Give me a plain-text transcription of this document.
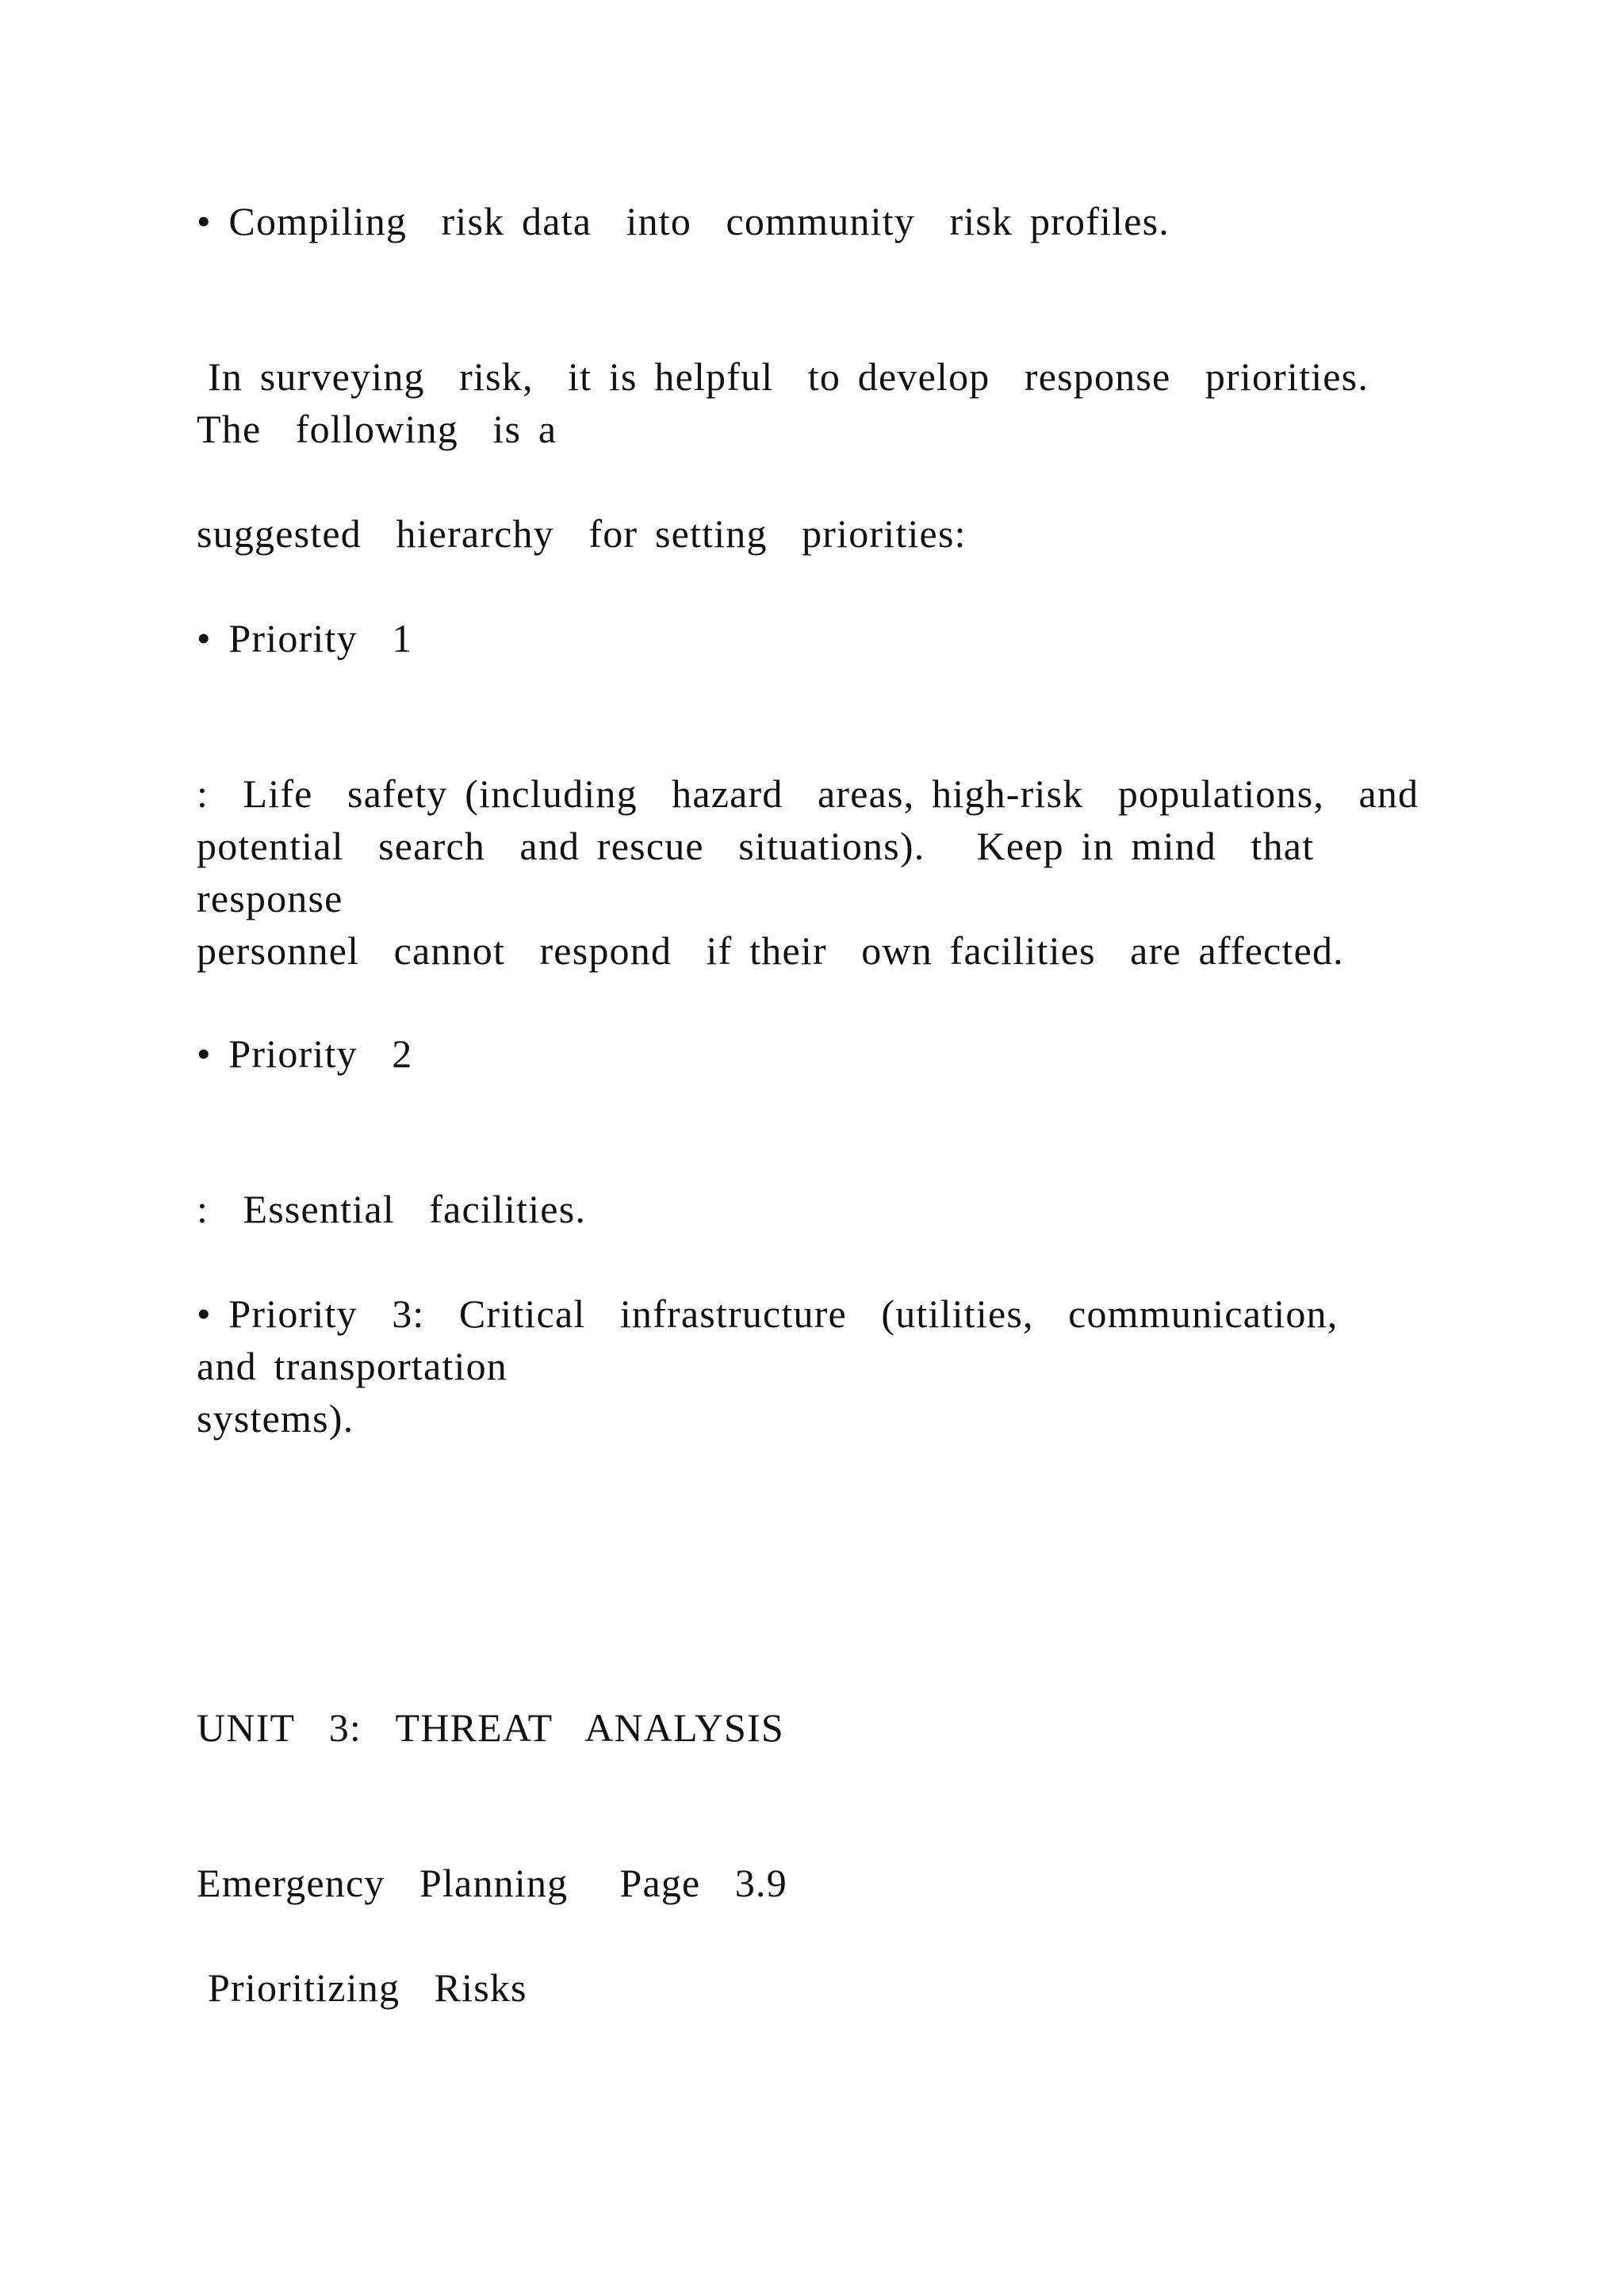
• Compiling  risk data  into  community  risk profiles.

In surveying  risk,  it is helpful  to develop  response  priorities.

The  following  is a

suggested  hierarchy  for setting  priorities:

• Priority  1

:  Life  safety (including  hazard  areas, high-risk  populations,  and

potential  search  and rescue  situations).   Keep in mind  that

response

personnel  cannot  respond  if their  own facilities  are affected.

• Priority  2

:  Essential  facilities.

• Priority  3:  Critical  infrastructure  (utilities,  communication,

and transportation

systems).

UNIT  3:  THREAT  ANALYSIS

Emergency  Planning   Page  3.9

Prioritizing  Risks
